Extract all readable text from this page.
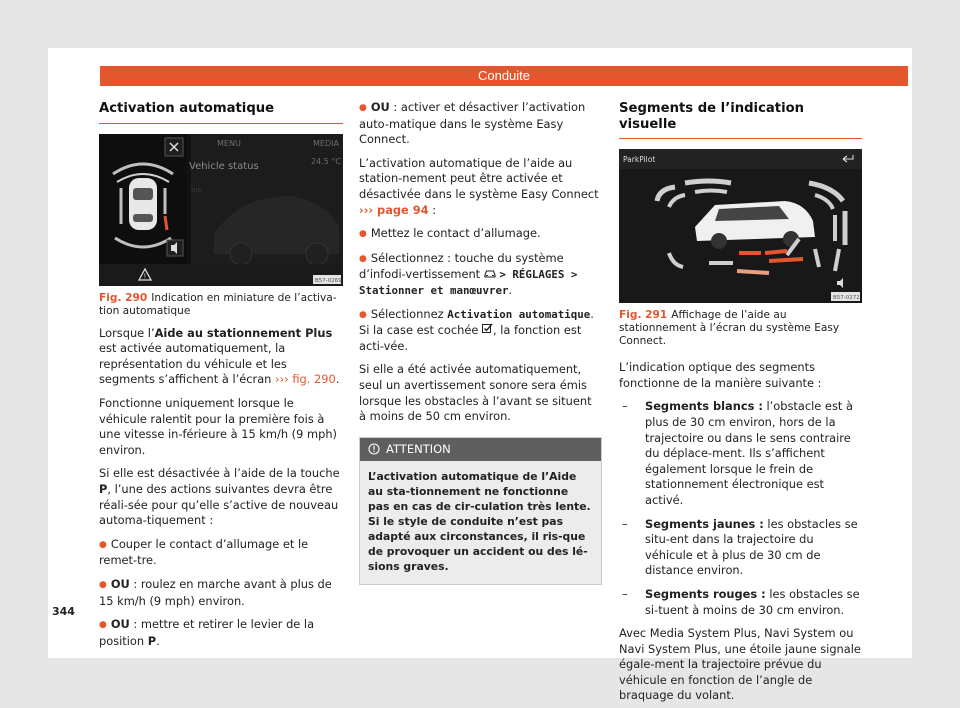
Conduite
Activation automatique
MENU	MEDIA
Vehicle status	24.5 °C
ble
!
B57-0269
Fig. 290 Indication en miniature de l’activa-tion automatique

Lorsque l’Aide au stationnement Plus est activée automatiquement, la représentation du véhicule et les segments s’affichent à l’écran ››› fig. 290.

Fonctionne uniquement lorsque le véhicule ralentit pour la première fois à une vitesse in-férieure à 15 km/h (9 mph) environ.

Si elle est désactivée à l’aide de la touche P, l’une des actions suivantes devra être réali-sée pour qu’elle s’active de nouveau automa-tiquement :

● Couper le contact d’allumage et le remet-tre.

● OU : roulez en marche avant à plus de 15 km/h (9 mph) environ.

● OU : mettre et retirer le levier de la position P.

● OU : activer et désactiver l’activation auto-matique dans le système Easy Connect.

L’activation automatique de l’aide au station-nement peut être activée et désactivée dans le système Easy Connect ››› page 94 :

● Mettez le contact d’allumage.

● Sélectionnez : touche du système d’infodi-vertissement  > RÉGLAGES > Stationner et manœuvrer.

● Sélectionnez Activation automatique. Si la case est cochée , la fonction est acti-vée.

Si elle a été activée automatiquement, seul un avertissement sonore sera émis lorsque les obstacles à l’avant se situent à moins de 50 cm environ.

ATTENTION
L’activation automatique de l’Aide au sta-tionnement ne fonctionne pas en cas de cir-culation très lente. Si le style de conduite n’est pas adapté aux circonstances, il ris-que de provoquer un accident ou des lé-sions graves.
Segments de l’indication visuelle
ParkPilot
B57-0272
Fig. 291 Affichage de l’aide au stationnement à l’écran du système Easy Connect.

L’indication optique des segments fonctionne de la manière suivante :

– Segments blancs : l’obstacle est à plus de 30 cm environ, hors de la trajectoire ou dans le sens contraire du déplace-ment. Ils s’affichent également lorsque le frein de stationnement électronique est activé.
– Segments jaunes : les obstacles se situ-ent dans la trajectoire du véhicule et à plus de 30 cm de distance environ.
– Segments rouges : les obstacles se si-tuent à moins de 30 cm environ.

Avec Media System Plus, Navi System ou Navi System Plus, une étoile jaune signale égale-ment la trajectoire prévue du véhicule en fonction de l’angle de braquage du volant.

344
